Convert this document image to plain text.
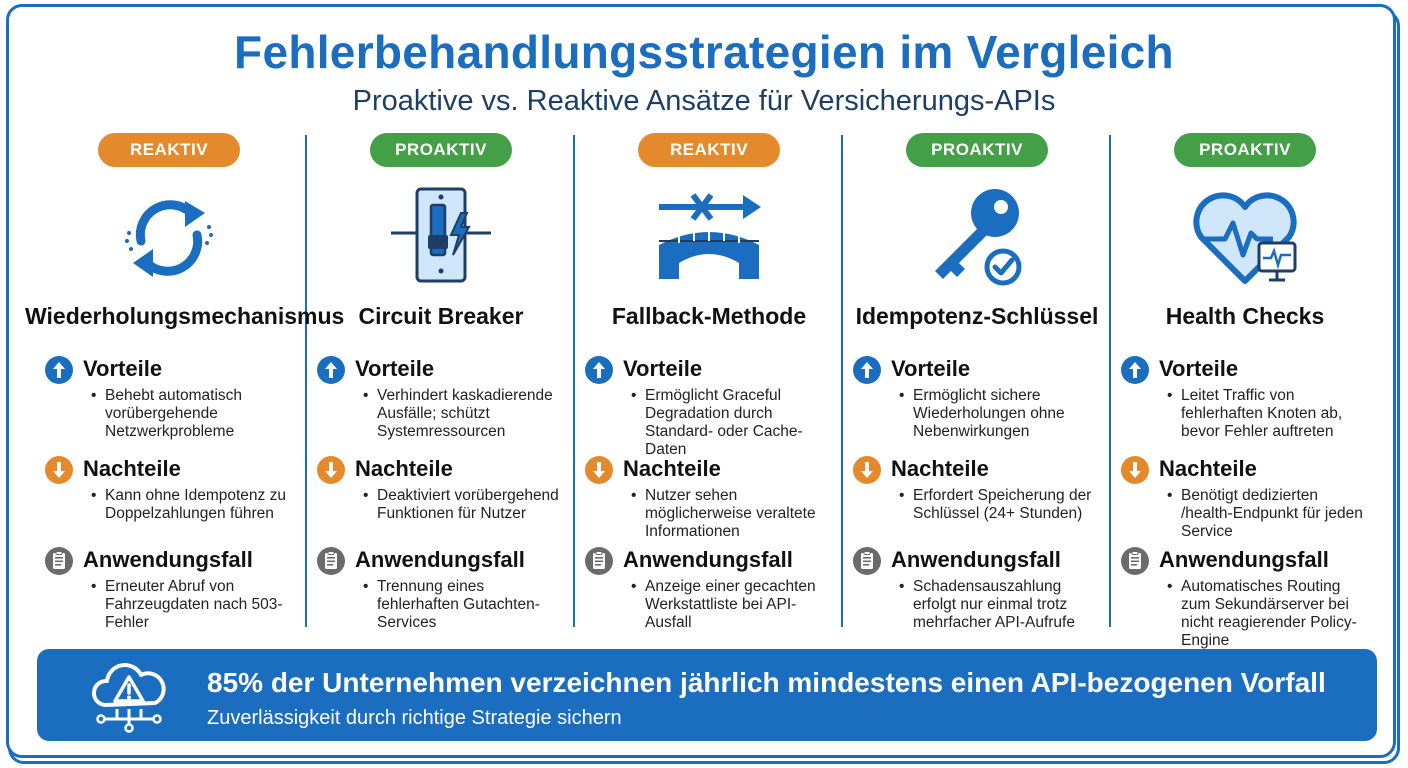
Fehlerbehandlungsstrategien im Vergleich
Proaktive vs. Reaktive Ansätze für Versicherungs-APIs
REAKTIV
Wiederholungsmechanismus
Vorteile
• Behebt automatisch vorübergehende Netzwerkprobleme
Nachteile
• Kann ohne Idempotenz zu Doppelzahlungen führen
Anwendungsfall
• Erneuter Abruf von Fahrzeugdaten nach 503-Fehler
PROAKTIV
Circuit Breaker
Vorteile
• Verhindert kaskadierende Ausfälle; schützt Systemressourcen
Nachteile
• Deaktiviert vorübergehend Funktionen für Nutzer
Anwendungsfall
• Trennung eines fehlerhaften Gutachten-Services
REAKTIV
Fallback-Methode
Vorteile
• Ermöglicht Graceful Degradation durch Standard- oder Cache-Daten
Nachteile
• Nutzer sehen möglicherweise veraltete Informationen
Anwendungsfall
• Anzeige einer gecachten Werkstattliste bei API-Ausfall
PROAKTIV
Idempotenz-Schlüssel
Vorteile
• Ermöglicht sichere Wiederholungen ohne Nebenwirkungen
Nachteile
• Erfordert Speicherung der Schlüssel (24+ Stunden)
Anwendungsfall
• Schadensauszahlung erfolgt nur einmal trotz mehrfacher API-Aufrufe
PROAKTIV
Health Checks
Vorteile
• Leitet Traffic von fehlerhaften Knoten ab, bevor Fehler auftreten
Nachteile
• Benötigt dedizierten /health-Endpunkt für jeden Service
Anwendungsfall
• Automatisches Routing zum Sekundärserver bei nicht reagierender Policy-Engine
85% der Unternehmen verzeichnen jährlich mindestens einen API-bezogenen Vorfall
Zuverlässigkeit durch richtige Strategie sichern
